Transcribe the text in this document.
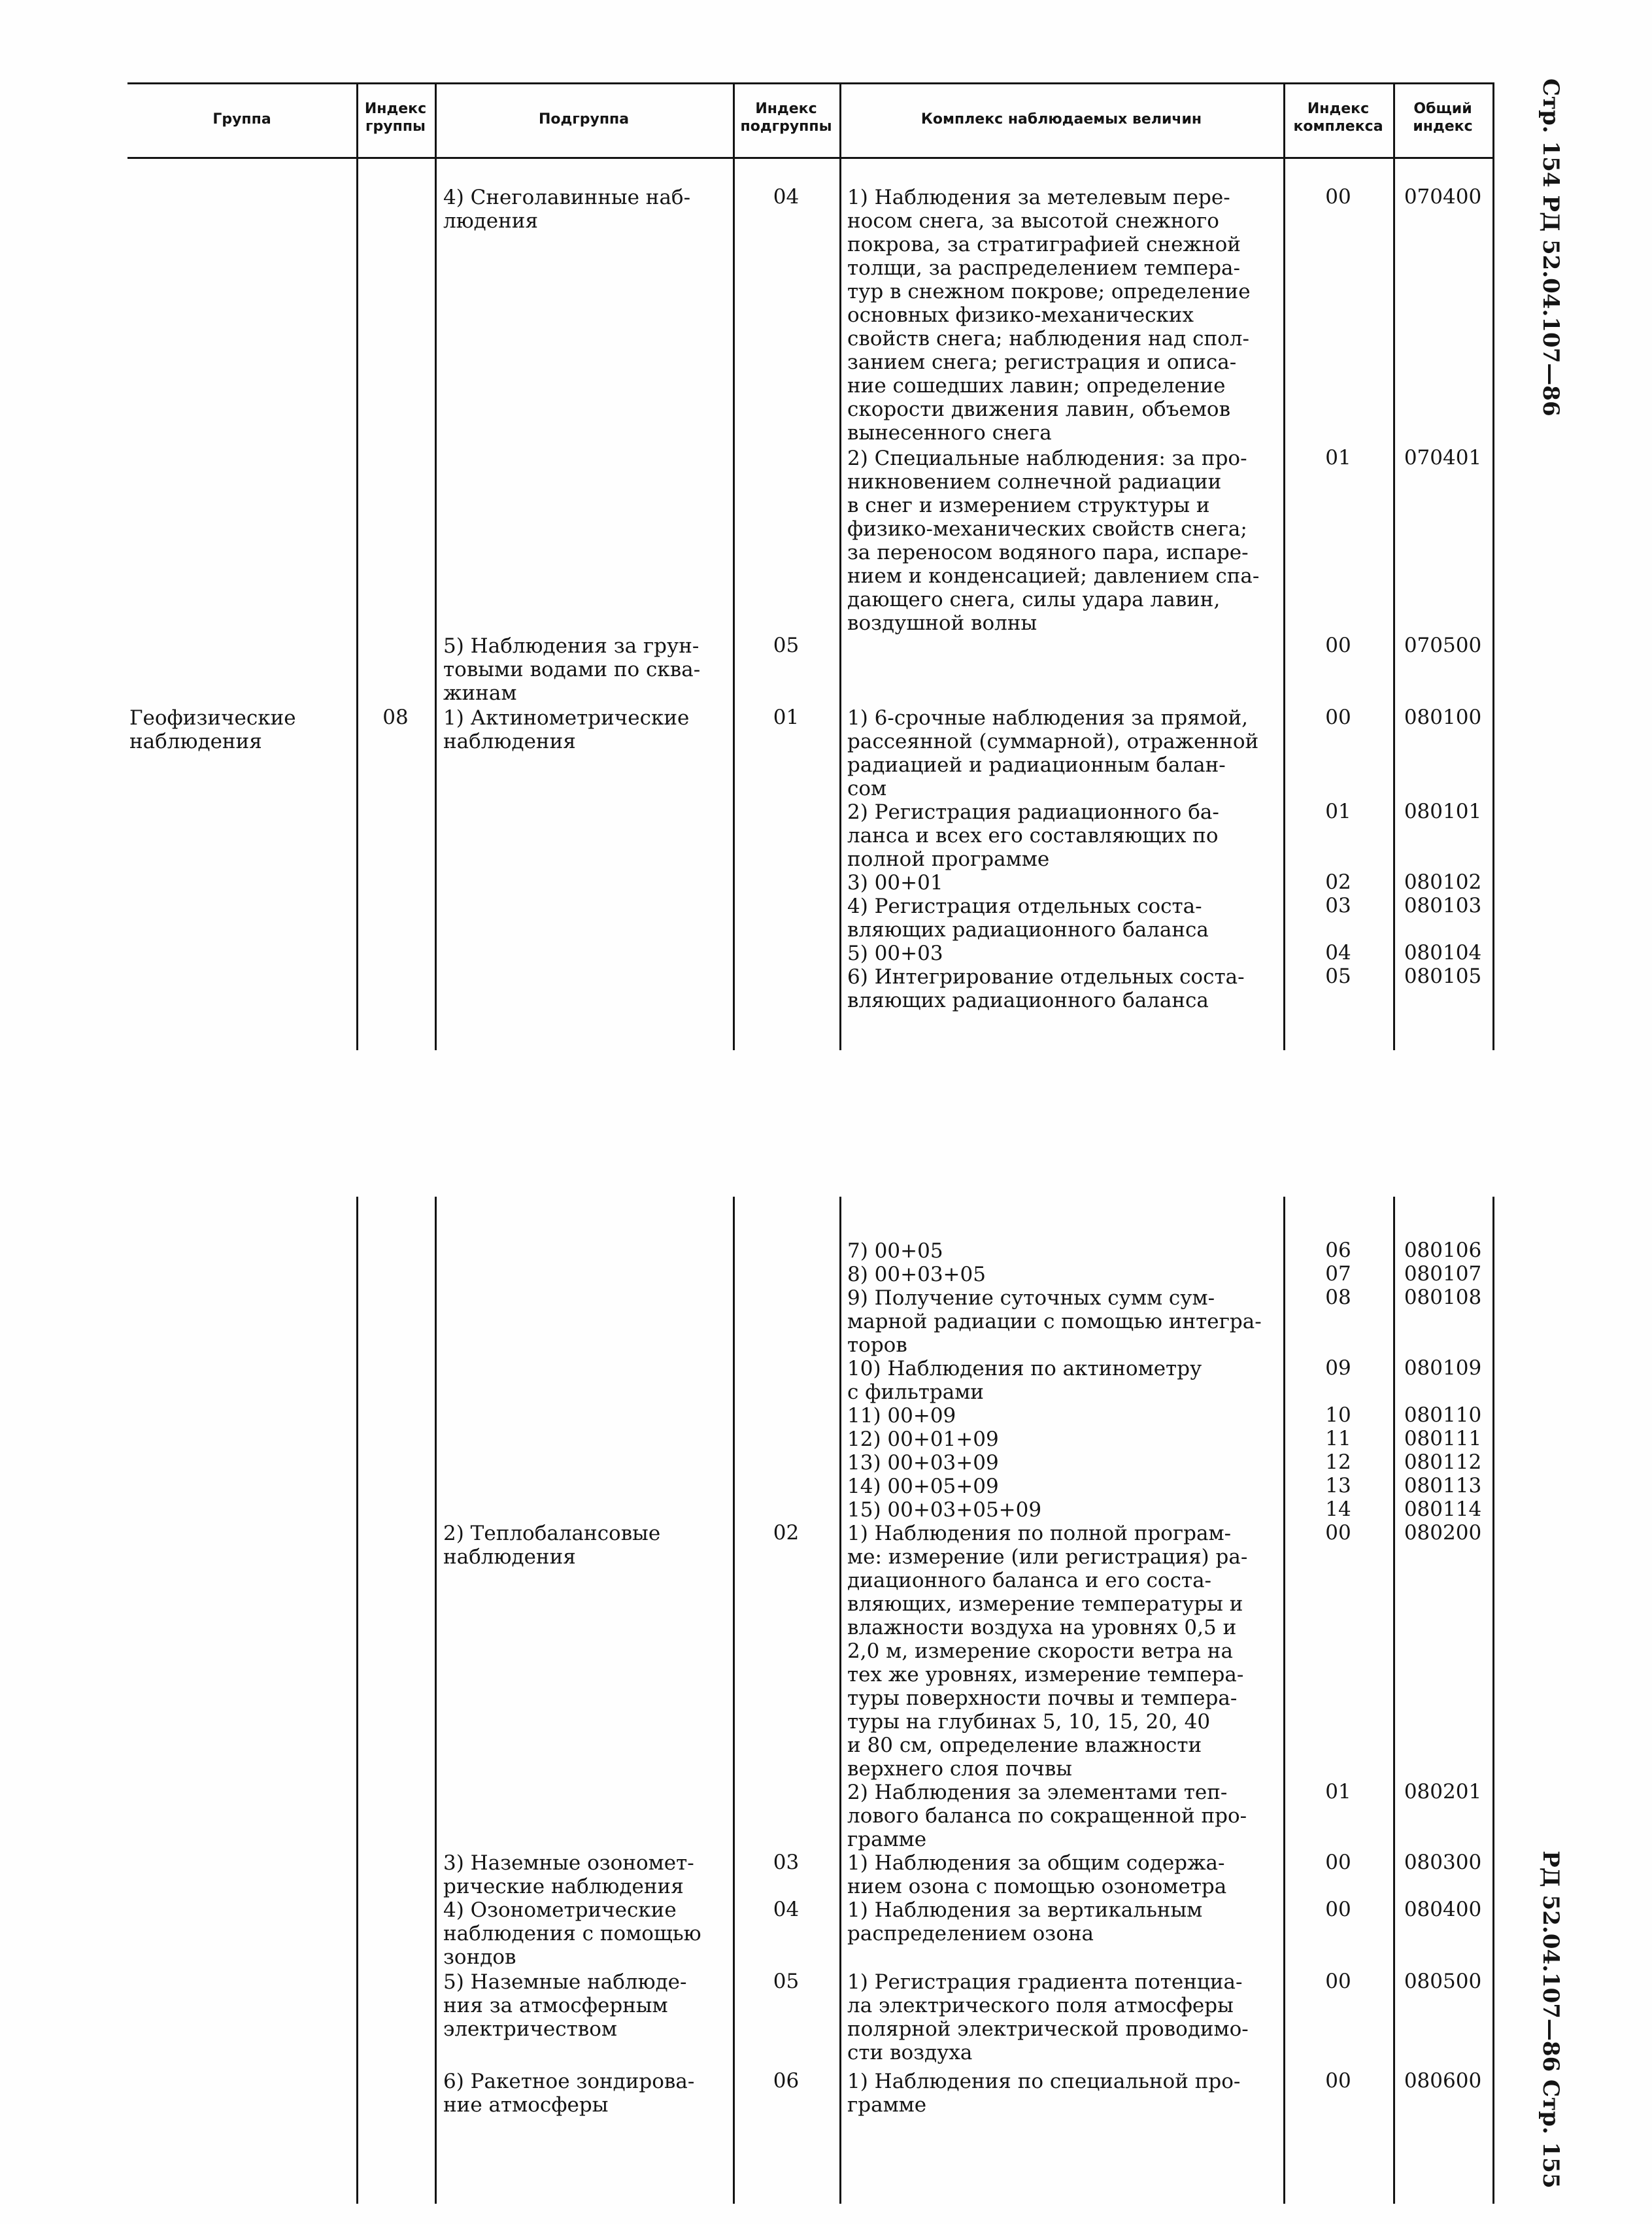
Стр. 154 РД 52.04.107—86
РД 52.04.107—86 Стр. 155
Группа
Индекс
группы	Подгруппа
Индекс
подгруппы	Комплекс наблюдаемых величин
Индекс
комплекса
Общий
индекс
Геофизические
наблюдения
08
4) Снеголавинные наб-
людения
04
5) Наблюдения за грун-
товыми водами по сква-
жинам
05
1) Актинометрические
наблюдения
01
1) Наблюдения за метелевым пере-
носом снега, за высотой снежного
покрова, за стратиграфией снежной
толщи, за распределением темпера-
тур в снежном покрове; определение
основных физико-механических
свойств снега; наблюдения над спол-
занием снега; регистрация и описа-
ние сошедших лавин; определение
скорости движения лавин, объемов
вынесенного снега
2) Специальные наблюдения: за про-
никновением солнечной радиации
в снег и измерением структуры и
физико-механических свойств снега;
за переносом водяного пара, испаре-
нием и конденсацией; давлением спа-
дающего снега, силы удара лавин,
воздушной волны
1) 6-срочные наблюдения за прямой,
рассеянной (суммарной), отраженной
радиацией и радиационным балан-
сом
2) Регистрация радиационного ба-
ланса и всех его составляющих по
полной программе
3) 00+01
4) Регистрация отдельных соста-
вляющих радиационного баланса
5) 00+03
6) Интегрирование отдельных соста-
вляющих радиационного баланса
00
01
00
00
01
02
03
04
05
070400
070401
070500
080100
080101
080102
080103
080104
080105
2) Теплобалансовые
наблюдения
02
3) Наземные озономет-
рические наблюдения
03
4) Озонометрические
наблюдения с помощью
зондов
04
5) Наземные наблюде-
ния за атмосферным
электричеством
05
6) Ракетное зондирова-
ние атмосферы
06
7) 00+05
8) 00+03+05
9) Получение суточных сумм сум-
марной радиации с помощью интегра-
торов
10) Наблюдения по актинометру
с фильтрами
11) 00+09
12) 00+01+09
13) 00+03+09
14) 00+05+09
15) 00+03+05+09
1) Наблюдения по полной програм-
ме: измерение (или регистрация) ра-
диационного баланса и его соста-
вляющих, измерение температуры и
влажности воздуха на уровнях 0,5 и
2,0 м, измерение скорости ветра на
тех же уровнях, измерение темпера-
туры поверхности почвы и темпера-
туры на глубинах 5, 10, 15, 20, 40
и 80 см, определение влажности
верхнего слоя почвы
2) Наблюдения за элементами теп-
лового баланса по сокращенной про-
грамме
1) Наблюдения за общим содержа-
нием озона с помощью озонометра
1) Наблюдения за вертикальным
распределением озона
1) Регистрация градиента потенциа-
ла электрического поля атмосферы
полярной электрической проводимо-
сти воздуха
1) Наблюдения по специальной про-
грамме
06
07
08
09
10
11
12
13
14
00
01
00
00
00
00
080106
080107
080108
080109
080110
080111
080112
080113
080114
080200
080201
080300
080400
080500
080600
